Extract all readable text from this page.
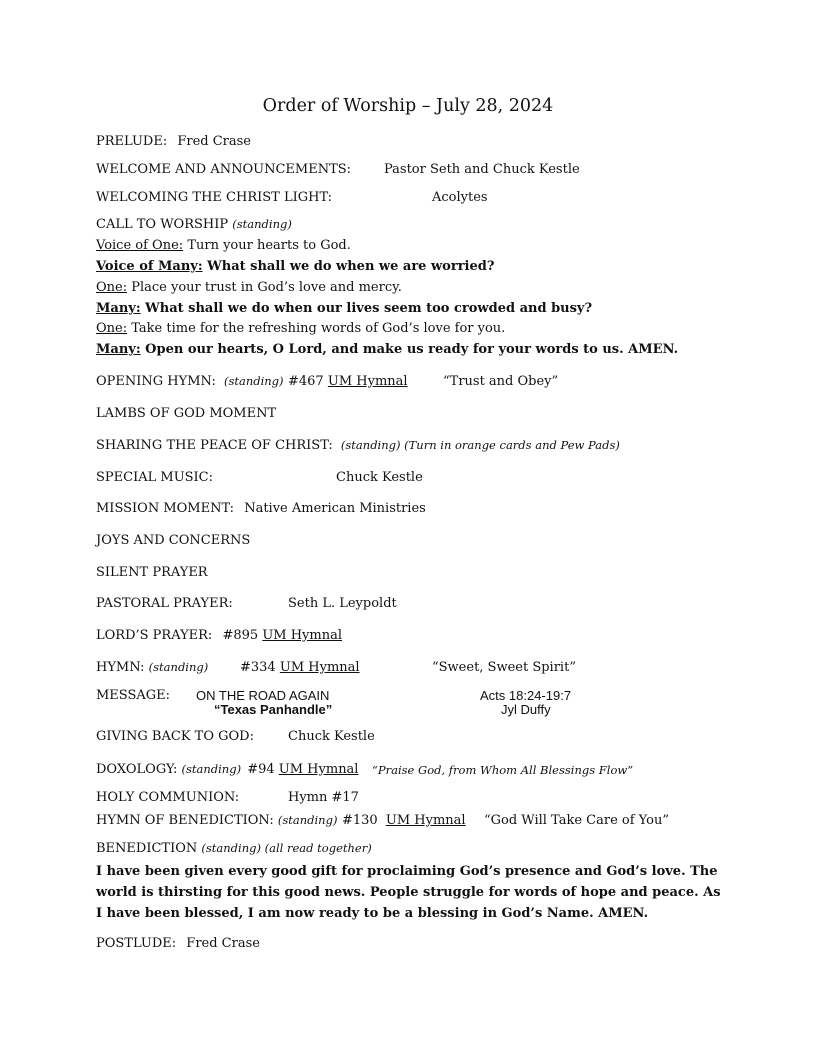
Order of Worship – July 28, 2024
PRELUDE: Fred Crase
WELCOME AND ANNOUNCEMENTS:	Pastor Seth and Chuck Kestle
WELCOMING THE CHRIST LIGHT:	Acolytes
CALL TO WORSHIP (standing)
Voice of One: Turn your hearts to God.
Voice of Many: What shall we do when we are worried?
One: Place your trust in God’s love and mercy.
Many: What shall we do when our lives seem too crowded and busy?
One: Take time for the refreshing words of God’s love for you.
Many: Open our hearts, O Lord, and make us ready for your words to us. AMEN.
OPENING HYMN: (standing) #467 UM Hymnal	“Trust and Obey”
LAMBS OF GOD MOMENT
SHARING THE PEACE OF CHRIST: (standing) (Turn in orange cards and Pew Pads)
SPECIAL MUSIC:	Chuck Kestle
MISSION MOMENT: Native American Ministries
JOYS AND CONCERNS
SILENT PRAYER
PASTORAL PRAYER:	Seth L. Leypoldt
LORD’S PRAYER: #895 UM Hymnal
HYMN: (standing) #334 UM Hymnal	“Sweet, Sweet Spirit”
MESSAGE: ON THE ROAD AGAIN
“Texas Panhandle”
Acts 18:24-19:7
Jyl Duffy
GIVING BACK TO GOD:	Chuck Kestle
DOXOLOGY: (standing) #94 UM Hymnal “Praise God, from Whom All Blessings Flow”
HOLY COMMUNION:	Hymn #17
HYMN OF BENEDICTION: (standing) #130 UM Hymnal “God Will Take Care of You”
BENEDICTION (standing) (all read together)
I have been given every good gift for proclaiming God’s presence and God’s love. The world is thirsting for this good news. People struggle for words of hope and peace. As I have been blessed, I am now ready to be a blessing in God’s Name. AMEN.
POSTLUDE: Fred Crase
